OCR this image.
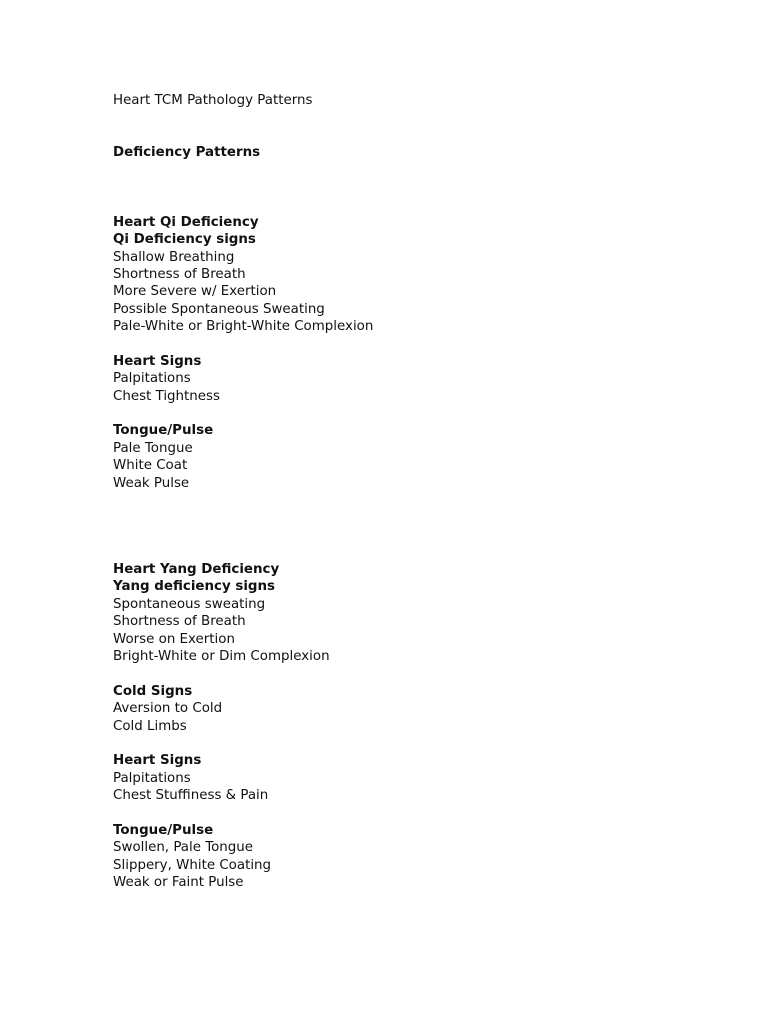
Heart TCM Pathology Patterns
Deficiency Patterns
Heart Qi Deficiency
Qi Deficiency signs
Shallow Breathing
Shortness of Breath
More Severe w/ Exertion
Possible Spontaneous Sweating
Pale-White or Bright-White Complexion
Heart Signs
Palpitations
Chest Tightness
Tongue/Pulse
Pale Tongue
White Coat
Weak Pulse
Heart Yang Deficiency
Yang deficiency signs
Spontaneous sweating
Shortness of Breath
Worse on Exertion
Bright-White or Dim Complexion
Cold Signs
Aversion to Cold
Cold Limbs
Heart Signs
Palpitations
Chest Stuffiness & Pain
Tongue/Pulse
Swollen, Pale Tongue
Slippery, White Coating
Weak or Faint Pulse
